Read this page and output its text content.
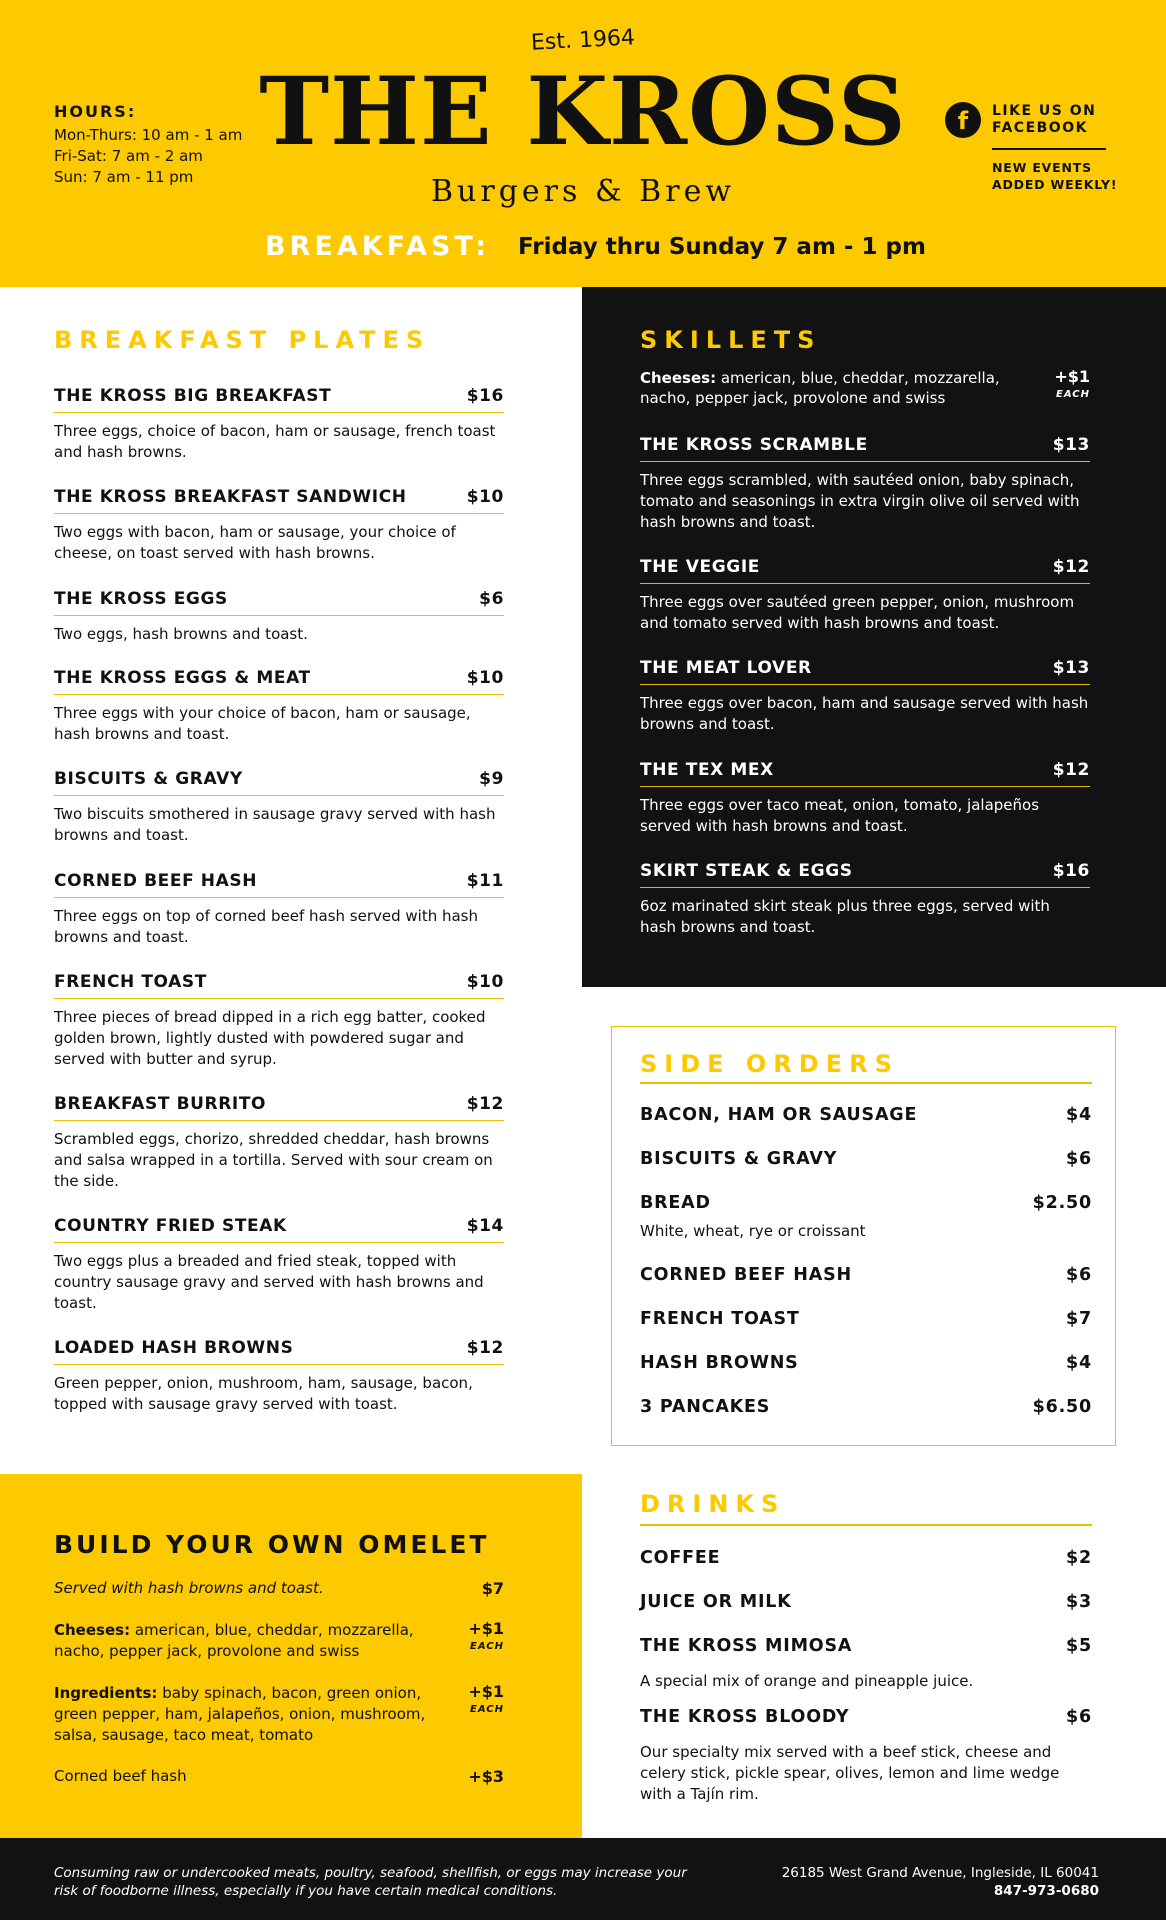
Est. 1964
THE KROSS
Burgers & Brew
HOURS:
Mon-Thurs: 10 am - 1 am
Fri-Sat: 7 am - 2 am
Sun: 7 am - 11 pm
f	LIKE US ON FACEBOOK
NEW EVENTS ADDED WEEKLY!
BREAKFAST: Friday thru Sunday 7 am - 1 pm
BREAKFAST PLATES
THE KROSS BIG BREAKFAST	$16
Three eggs, choice of bacon, ham or sausage, french toast and hash browns.
THE KROSS BREAKFAST SANDWICH	$10
Two eggs with bacon, ham or sausage, your choice of cheese, on toast served with hash browns.
THE KROSS EGGS	$6
Two eggs, hash browns and toast.
THE KROSS EGGS & MEAT	$10
Three eggs with your choice of bacon, ham or sausage, hash browns and toast.
BISCUITS & GRAVY	$9
Two biscuits smothered in sausage gravy served with hash browns and toast.
CORNED BEEF HASH	$11
Three eggs on top of corned beef hash served with hash browns and toast.
FRENCH TOAST	$10
Three pieces of bread dipped in a rich egg batter, cooked golden brown, lightly dusted with powdered sugar and served with butter and syrup.
BREAKFAST BURRITO	$12
Scrambled eggs, chorizo, shredded cheddar, hash browns and salsa wrapped in a tortilla. Served with sour cream on the side.
COUNTRY FRIED STEAK	$14
Two eggs plus a breaded and fried steak, topped with country sausage gravy and served with hash browns and toast.
LOADED HASH BROWNS	$12
Green pepper, onion, mushroom, ham, sausage, bacon, topped with sausage gravy served with toast.
SKILLETS
Cheeses: american, blue, cheddar, mozzarella, nacho, pepper jack, provolone and swiss
+$1
EACH
THE KROSS SCRAMBLE	$13
Three eggs scrambled, with sautéed onion, baby spinach, tomato and seasonings in extra virgin olive oil served with hash browns and toast.
THE VEGGIE	$12
Three eggs over sautéed green pepper, onion, mushroom and tomato served with hash browns and toast.
THE MEAT LOVER	$13
Three eggs over bacon, ham and sausage served with hash browns and toast.
THE TEX MEX	$12
Three eggs over taco meat, onion, tomato, jalapeños served with hash browns and toast.
SKIRT STEAK & EGGS	$16
6oz marinated skirt steak plus three eggs, served with hash browns and toast.
SIDE ORDERS
BACON, HAM OR SAUSAGE	$4
BISCUITS & GRAVY	$6
BREAD	$2.50
White, wheat, rye or croissant
CORNED BEEF HASH	$6
FRENCH TOAST	$7
HASH BROWNS	$4
3 PANCAKES	$6.50
BUILD YOUR OWN OMELET
Served with hash browns and toast.	$7
Cheeses: american, blue, cheddar, mozzarella, nacho, pepper jack, provolone and swiss
+$1
EACH
Ingredients: baby spinach, bacon, green onion, green pepper, ham, jalapeños, onion, mushroom, salsa, sausage, taco meat, tomato
+$1
EACH
Corned beef hash	+$3
DRINKS
COFFEE	$2
JUICE OR MILK	$3
THE KROSS MIMOSA	$5
A special mix of orange and pineapple juice.
THE KROSS BLOODY	$6
Our specialty mix served with a beef stick, cheese and celery stick, pickle spear, olives, lemon and lime wedge with a Tajín rim.
Consuming raw or undercooked meats, poultry, seafood, shellfish, or eggs may increase your risk of foodborne illness, especially if you have certain medical conditions.
26185 West Grand Avenue, Ingleside, IL 60041
847-973-0680
